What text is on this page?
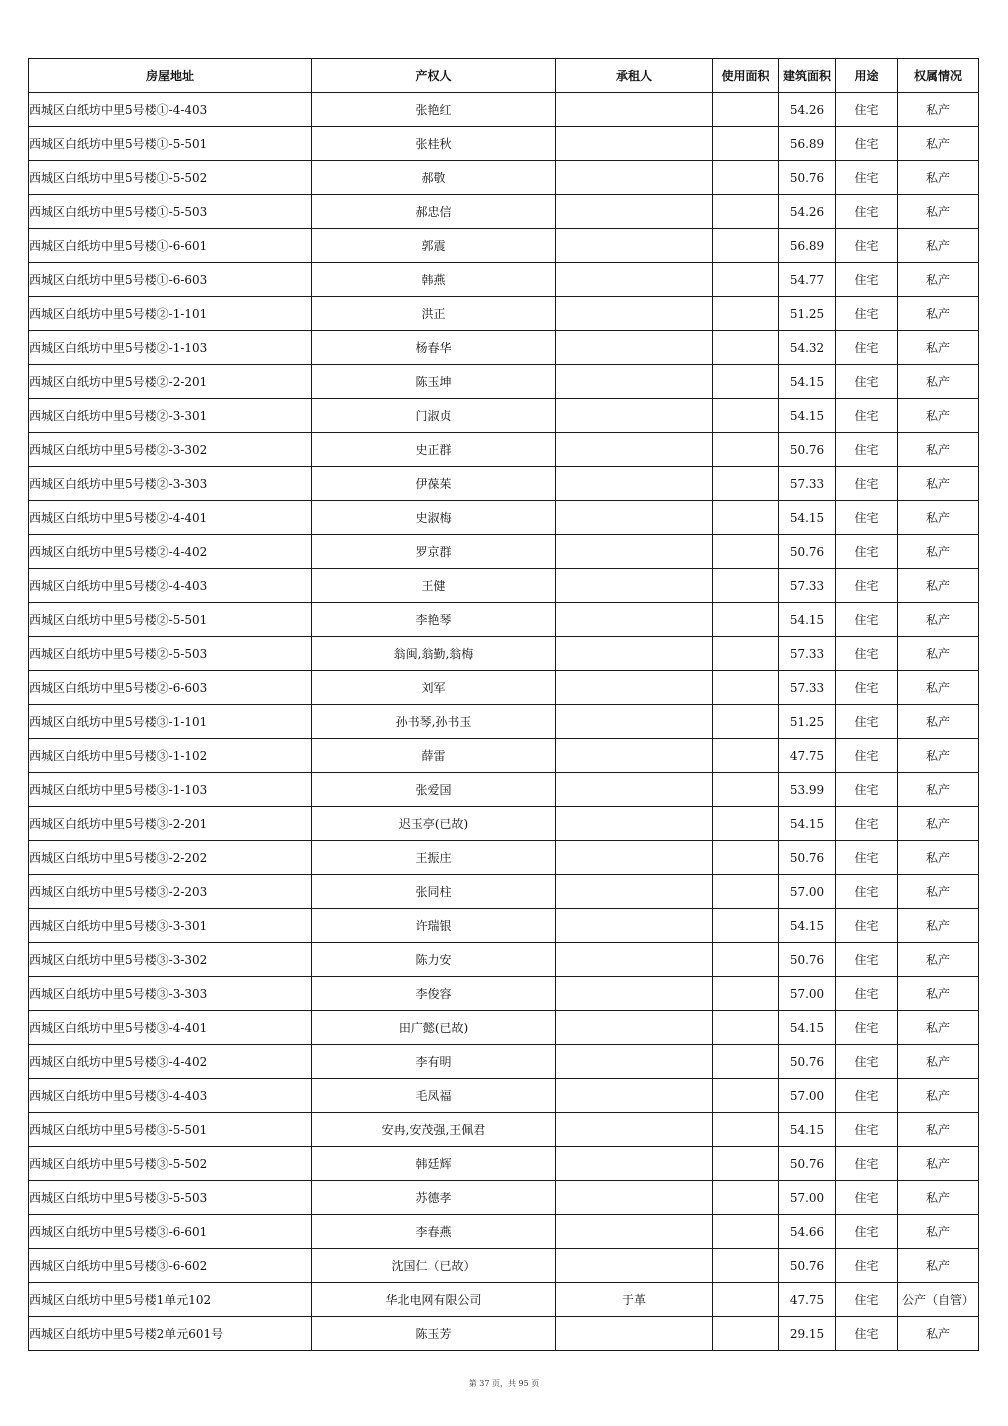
房屋地址	产权人	承租人	使用面积	建筑面积	用途	权属情况
西城区白纸坊中里5号楼①-4-403	张艳红			54.26	住宅	私产
西城区白纸坊中里5号楼①-5-501	张桂秋			56.89	住宅	私产
西城区白纸坊中里5号楼①-5-502	郝敬			50.76	住宅	私产
西城区白纸坊中里5号楼①-5-503	郝忠信			54.26	住宅	私产
西城区白纸坊中里5号楼①-6-601	郭震			56.89	住宅	私产
西城区白纸坊中里5号楼①-6-603	韩燕			54.77	住宅	私产
西城区白纸坊中里5号楼②-1-101	洪正			51.25	住宅	私产
西城区白纸坊中里5号楼②-1-103	杨春华			54.32	住宅	私产
西城区白纸坊中里5号楼②-2-201	陈玉坤			54.15	住宅	私产
西城区白纸坊中里5号楼②-3-301	门淑贞			54.15	住宅	私产
西城区白纸坊中里5号楼②-3-302	史正群			50.76	住宅	私产
西城区白纸坊中里5号楼②-3-303	伊葆茱			57.33	住宅	私产
西城区白纸坊中里5号楼②-4-401	史淑梅			54.15	住宅	私产
西城区白纸坊中里5号楼②-4-402	罗京群			50.76	住宅	私产
西城区白纸坊中里5号楼②-4-403	王健			57.33	住宅	私产
西城区白纸坊中里5号楼②-5-501	李艳琴			54.15	住宅	私产
西城区白纸坊中里5号楼②-5-503	翁闽,翁勤,翁梅			57.33	住宅	私产
西城区白纸坊中里5号楼②-6-603	刘军			57.33	住宅	私产
西城区白纸坊中里5号楼③-1-101	孙书琴,孙书玉			51.25	住宅	私产
西城区白纸坊中里5号楼③-1-102	薛雷			47.75	住宅	私产
西城区白纸坊中里5号楼③-1-103	张爱国			53.99	住宅	私产
西城区白纸坊中里5号楼③-2-201	迟玉亭(已故)			54.15	住宅	私产
西城区白纸坊中里5号楼③-2-202	王振庄			50.76	住宅	私产
西城区白纸坊中里5号楼③-2-203	张同柱			57.00	住宅	私产
西城区白纸坊中里5号楼③-3-301	许瑞银			54.15	住宅	私产
西城区白纸坊中里5号楼③-3-302	陈力安			50.76	住宅	私产
西城区白纸坊中里5号楼③-3-303	李俊容			57.00	住宅	私产
西城区白纸坊中里5号楼③-4-401	田广懿(已故)			54.15	住宅	私产
西城区白纸坊中里5号楼③-4-402	李有明			50.76	住宅	私产
西城区白纸坊中里5号楼③-4-403	毛凤福			57.00	住宅	私产
西城区白纸坊中里5号楼③-5-501	安冉,安茂强,王佩君			54.15	住宅	私产
西城区白纸坊中里5号楼③-5-502	韩廷辉			50.76	住宅	私产
西城区白纸坊中里5号楼③-5-503	苏德孝			57.00	住宅	私产
西城区白纸坊中里5号楼③-6-601	李春燕			54.66	住宅	私产
西城区白纸坊中里5号楼③-6-602	沈国仁（已故）			50.76	住宅	私产
西城区白纸坊中里5号楼1单元102	华北电网有限公司	于革		47.75	住宅	公产（自管）
西城区白纸坊中里5号楼2单元601号	陈玉芳			29.15	住宅	私产
第 37 页，共 95 页
